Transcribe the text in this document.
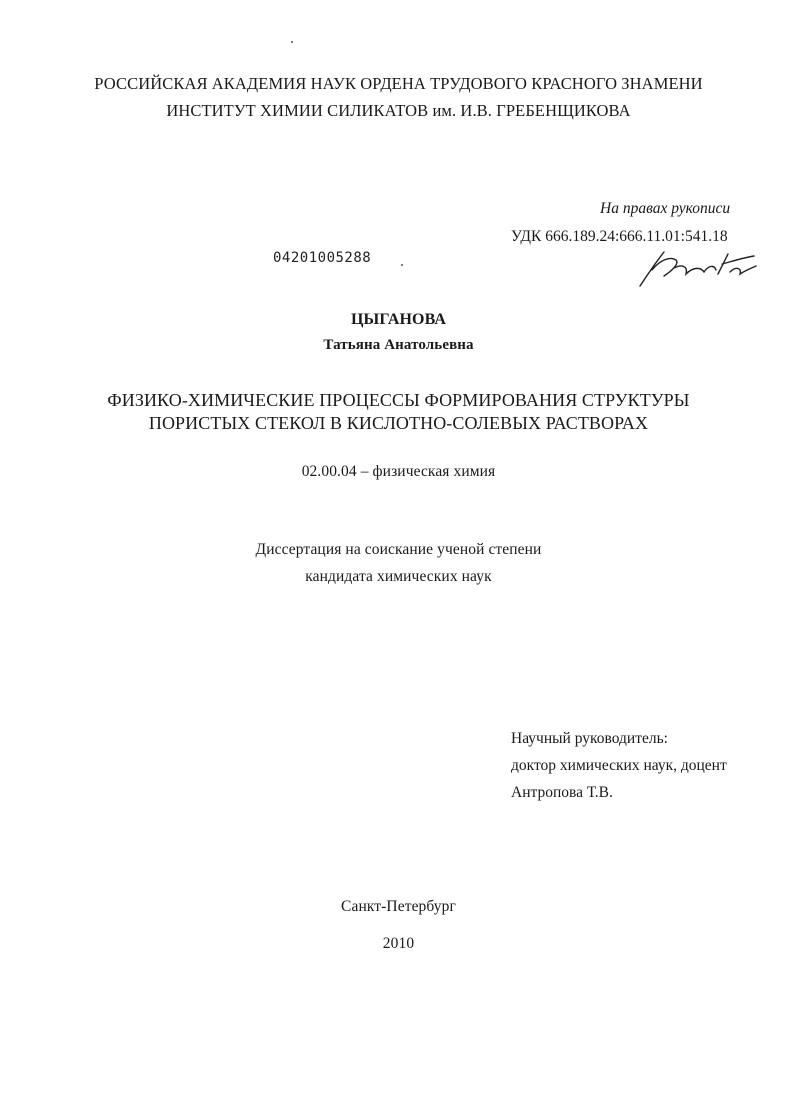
РОССИЙСКАЯ АКАДЕМИЯ НАУК ОРДЕНА ТРУДОВОГО КРАСНОГО ЗНАМЕНИ
ИНСТИТУТ ХИМИИ СИЛИКАТОВ им. И.В. ГРЕБЕНЩИКОВА
На правах рукописи
УДК 666.189.24:666.11.01:541.18
04201005288
ЦЫГАНОВА
Татьяна Анатольевна
ФИЗИКО-ХИМИЧЕСКИЕ ПРОЦЕССЫ ФОРМИРОВАНИЯ СТРУКТУРЫ
ПОРИСТЫХ СТЕКОЛ В КИСЛОТНО-СОЛЕВЫХ РАСТВОРАХ
02.00.04 – физическая химия
Диссертация на соискание ученой степени
кандидата химических наук
Научный руководитель:
доктор химических наук, доцент
Антропова Т.В.
Санкт-Петербург
2010
